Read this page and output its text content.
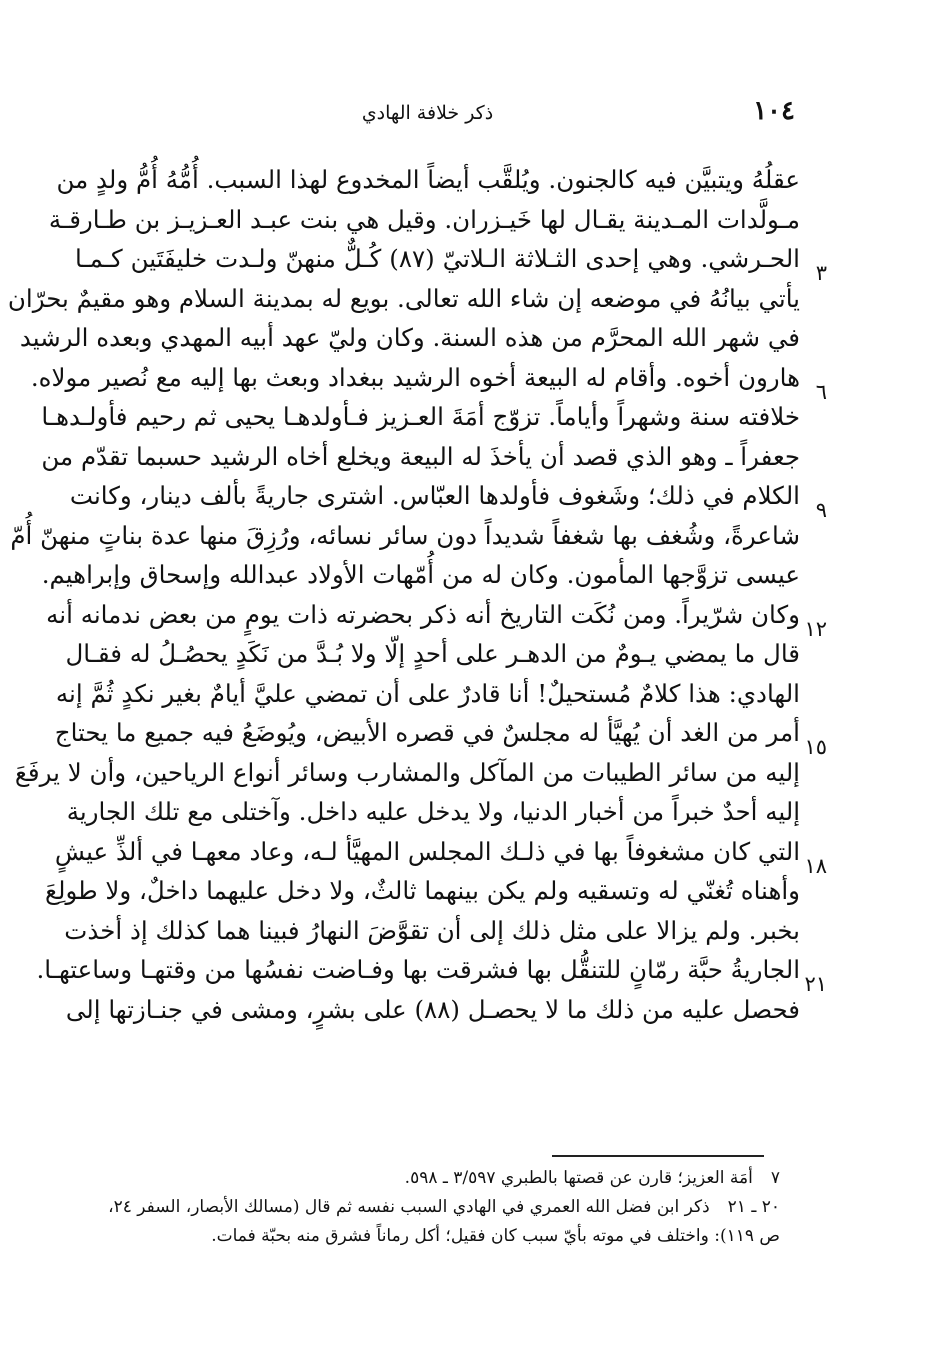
١٠٤
ذكر خلافة الهادي
عقلُهُ ويتبيَّن فيه كالجنون. ويُلقَّب أيضاً المخدوع لهذا السبب. أُمُّهُ أُمُّ ولدٍ من
مـولَّدات المـدينة يقـال لها خَيـزران. وقيل هي بنت عبـد العـزيـز بن طـارقـة
الحـرشي. وهي إحدى الثـلاثة الـلاتيّ (٨٧) كُـلٌّ منهنّ ولـدت خليفَتَين كـمـا
يأتي بيانُهُ في موضعه إن شاء الله تعالى. بويع له بمدينة السلام وهو مقيمٌ بحرّان
في شهر الله المحرَّم من هذه السنة. وكان وليّ عهد أبيه المهدي وبعده الرشيد
هارون أخوه. وأقام له البيعة أخوه الرشيد ببغداد وبعث بها إليه مع نُصير مولاه.
خلافته سنة وشهراً وأياماً. تزوّج أمَةَ العـزيز فـأولدهـا يحيى ثم رحيم فأولـدهـا
جعفراً ـ وهو الذي قصد أن يأخذَ له البيعة ويخلع أخاه الرشيد حسبما تقدّم من
الكلام في ذلك؛ وشَغوف فأولدها العبّاس. اشترى جاريةً بألف دينار، وكانت
شاعرةً، وشُغف بها شغفاً شديداً دون سائر نسائه، ورُزِقَ منها عدة بناتٍ منهنّ أُمّ
عيسى تزوَّجها المأمون. وكان له من أُمّهات الأولاد عبدالله وإسحاق وإبراهيم.
وكان شرّيراً. ومن نُكَت التاريخ أنه ذكر بحضرته ذات يومٍ من بعض ندمانه أنه
قال ما يمضي يـومٌ من الدهـر على أحدٍ إلّا ولا بُـدَّ من نَكَدٍ يحصُـلُ له فقـال
الهادي: هذا كلامٌ مُستحيلٌ! أنا قادرٌ على أن تمضي عليَّ أيامٌ بغير نكدٍ ثُمَّ إنه
أمر من الغد أن يُهيَّأ له مجلسٌ في قصره الأبيض، ويُوضَعُ فيه جميع ما يحتاج
إليه من سائر الطيبات من المآكل والمشارب وسائر أنواع الرياحين، وأن لا يرفَعَ
إليه أحدٌ خبراً من أخبار الدنيا، ولا يدخل عليه داخل. وآختلى مع تلك الجارية
التي كان مشغوفاً بها في ذلـك المجلس المهيَّأ لـه، وعاد معهـا في ألذِّ عيشٍ
وأهناه تُغنّي له وتسقيه ولم يكن بينهما ثالثٌ، ولا دخل عليهما داخلٌ، ولا طولِعَ
بخبر. ولم يزالا على مثل ذلك إلى أن تقوَّضَ النهارُ فبينا هما كذلك إذ أخذت
الجاريةُ حبَّة رمّانٍ للتنقُّل بها فشرقت بها وفـاضت نفسُها من وقتهـا وساعتهـا.
فحصل عليه من ذلك ما لا يحصـل (٨٨) على بشرٍ، ومشى في جنـازتها إلى
٣
٦
٩
١٢
١٥
١٨
٢١
٧أمَة العزيز؛ قارن عن قصتها بالطبري ٣/٥٩٧ ـ ٥٩٨.
٢٠ ـ ٢١ذكر ابن فضل الله العمري في الهادي السبب نفسه ثم قال (مسالك الأبصار، السفر ٢٤،
ص ١١٩): واختلف في موته بأيّ سبب كان فقيل؛ أكل رماناً فشرق منه بحبّة فمات.
